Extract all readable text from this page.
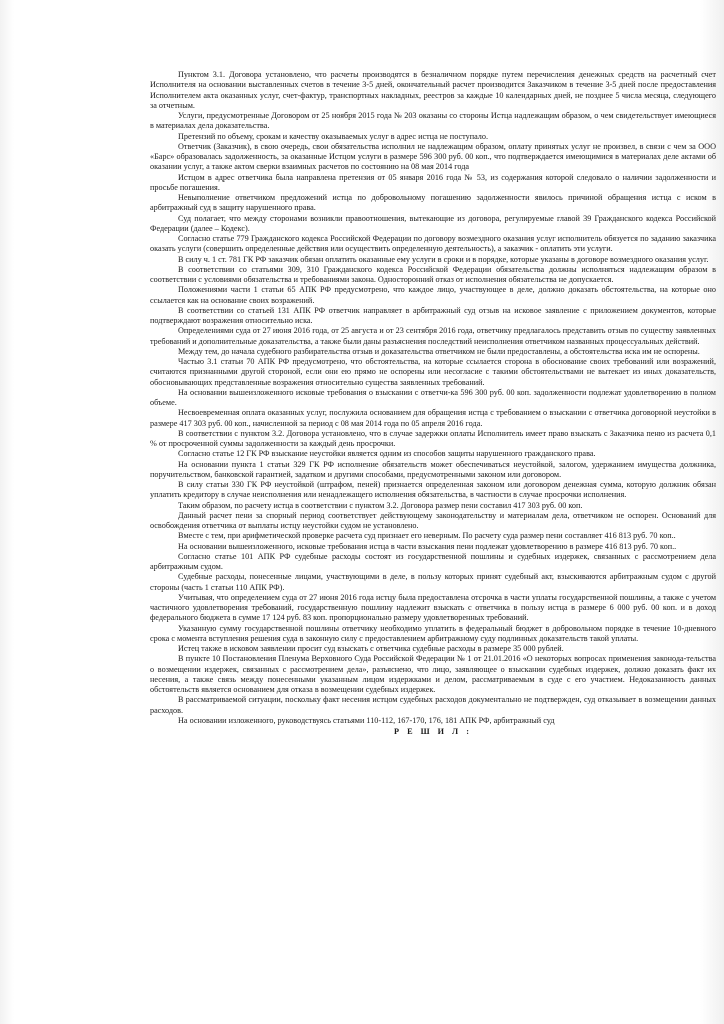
Пунктом 3.1. Договора установлено, что расчеты производятся в безналичном порядке путем перечисления денежных средств на расчетный счет Исполнителя на основании выставленных счетов в течение 3-5 дней, окончательный расчет производится Заказчиком в течение 3-5 дней после предоставления Исполнителем акта оказанных услуг, счет-фактур, транспортных накладных, реестров за каждые 10 календарных дней, не позднее 5 числа месяца, следующего за отчетным.

Услуги, предусмотренные Договором от 25 ноября 2015 года № 203 оказаны со стороны Истца надлежащим образом, о чем свидетельствует имеющиеся в материалах дела доказательства.

Претензий по объему, срокам и качеству оказываемых услуг в адрес истца не поступало.

Ответчик (Заказчик), в свою очередь, свои обязательства исполнил не надлежащим образом, оплату принятых услуг не произвел, в связи с чем за ООО «Барс» образовалась задолженность, за оказанные Истцом услуги в размере 596 300 руб. 00 коп., что подтверждается имеющимися в материалах деле актами об оказании услуг, а также актом сверки взаимных расчетов по состоянию на 08 мая 2014 года

Истцом в адрес ответчика была направлена претензия от 05 января 2016 года № 53, из содержания которой следовало о наличии задолженности и просьбе погашения.

Невыполнение ответчиком предложений истца по добровольному погашению задолженности явилось причиной обращения истца с иском в арбитражный суд в защиту нарушенного права.

Суд полагает, что между сторонами возникли правоотношения, вытекающие из договора, регулируемые главой 39 Гражданского кодекса Российской Федерации (далее – Кодекс).

Согласно статье 779 Гражданского кодекса Российской Федерации по договору возмездного оказания услуг исполнитель обязуется по заданию заказчика оказать услуги (совершить определенные действия или осуществить определенную деятельность), а заказчик - оплатить эти услуги.

В силу ч. 1 ст. 781 ГК РФ заказчик обязан оплатить оказанные ему услуги в сроки и в порядке, которые указаны в договоре возмездного оказания услуг.

В соответствии со статьями 309, 310 Гражданского кодекса Российской Федерации обязательства должны исполняться надлежащим образом в соответствии с условиями обязательства и требованиями закона. Односторонний отказ от исполнения обязательства не допускается.

Положениями части 1 статьи 65 АПК РФ предусмотрено, что каждое лицо, участвующее в деле, должно доказать обстоятельства, на которые оно ссылается как на основание своих возражений.

В соответствии со статьей 131 АПК РФ ответчик направляет в арбитражный суд отзыв на исковое заявление с приложением документов, которые подтверждают возражения относительно иска.

Определениями суда от 27 июня 2016 года, от 25 августа и от 23 сентября 2016 года, ответчику предлагалось представить отзыв по существу заявленных требований и дополнительные доказательства, а также были даны разъяснения последствий неисполнения ответчиком названных процессуальных действий.

Между тем, до начала судебного разбирательства отзыв и доказательства ответчиком не были предоставлены, а обстоятельства иска им не оспорены.

Частью 3.1 статьи 70 АПК РФ предусмотрено, что обстоятельства, на которые ссылается сторона в обоснование своих требований или возражений, считаются признанными другой стороной, если они ею прямо не оспорены или несогласие с такими обстоятельствами не вытекает из иных доказательств, обосновывающих представленные возражения относительно существа заявленных требований.

На основании вышеизложенного исковые требования о взыскании с ответчи-ка 596 300 руб. 00 коп. задолженности подлежат удовлетворению в полном объеме.

Несвоевременная оплата оказанных услуг, послужила основанием для обращения истца с требованием о взыскании с ответчика договорной неустойки в размере 417 303 руб. 00 коп., начисленной за период с 08 мая 2014 года по 05 апреля 2016 года.

В соответствии с пунктом 3.2. Договора установлено, что в случае задержки оплаты Исполнитель имеет право взыскать с Заказчика пеню из расчета 0,1 % от просроченной суммы задолженности за каждый день просрочки.

Согласно статье 12 ГК РФ взыскание неустойки является одним из способов защиты нарушенного гражданского права.

На основании пункта 1 статьи 329 ГК РФ исполнение обязательств может обеспечиваться неустойкой, залогом, удержанием имущества должника, поручительством, банковской гарантией, задатком и другими способами, предусмотренными законом или договором.

В силу статьи 330 ГК РФ неустойкой (штрафом, пеней) признается определенная законом или договором денежная сумма, которую должник обязан уплатить кредитору в случае неисполнения или ненадлежащего исполнения обязательства, в частности в случае просрочки исполнения.

Таким образом, по расчету истца в соответствии с пунктом 3.2. Договора размер пени составил 417 303 руб. 00 коп.

Данный расчет пени за спорный период соответствует действующему законодательству и материалам дела, ответчиком не оспорен. Оснований для освобождения ответчика от выплаты истцу неустойки судом не установлено.

Вместе с тем, при арифметической проверке расчета суд признает его неверным. По расчету суда размер пени составляет 416 813 руб. 70 коп..

На основании вышеизложенного, исковые требования истца в части взыскания пени подлежат удовлетворению в размере 416 813 руб. 70 коп..

Согласно статье 101 АПК РФ судебные расходы состоят из государственной пошлины и судебных издержек, связанных с рассмотрением дела арбитражным судом.

Судебные расходы, понесенные лицами, участвующими в деле, в пользу которых принят судебный акт, взыскиваются арбитражным судом с другой стороны (часть 1 статьи 110 АПК РФ).

Учитывая, что определением суда от 27 июня 2016 года истцу была предоставлена отсрочка в части уплаты государственной пошлины, а также с учетом частичного удовлетворения требований, государственную пошлину надлежит взыскать с ответчика в пользу истца в размере 6 000 руб. 00 коп. и в доход федерального бюджета в сумме 17 124 руб. 83 коп. пропорционально размеру удовлетворенных требований.

Указанную сумму государственной пошлины ответчику необходимо уплатить в федеральный бюджет в добровольном порядке в течение 10-дневного срока с момента вступления решения суда в законную силу с предоставлением арбитражному суду подлинных доказательств такой уплаты.

Истец также в исковом заявлении просит суд взыскать с ответчика судебные расходы в размере 35 000 рублей.

В пункте 10 Постановления Пленума Верховного Суда Российской Федерации № 1 от 21.01.2016 «О некоторых вопросах применения законода-тельства о возмещении издержек, связанных с рассмотрением дела», разъяснено, что лицо, заявляющее о взыскании судебных издержек, должно доказать факт их несения, а также связь между понесенными указанным лицом издержками и делом, рассматриваемым в суде с его участием. Недоказанность данных обстоятельств является основанием для отказа в возмещении судебных издержек.

В рассматриваемой ситуации, поскольку факт несения истцом судебных расходов документально не подтвержден, суд отказывает в возмещении данных расходов.

На основании изложенного, руководствуясь статьями 110-112, 167-170, 176, 181 АПК РФ, арбитражный суд

Р Е Ш И Л :
